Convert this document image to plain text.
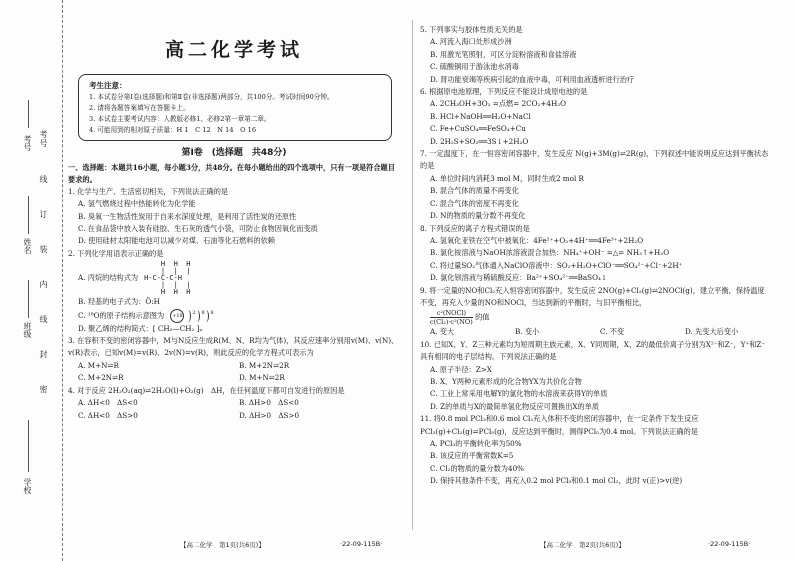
考号
线
订
装
内
线
封
密
考号
姓名
班级
学校
高二化学考试
考生注意：
1. 本试卷分第Ⅰ卷(选择题)和第Ⅱ卷(非选择题)两部分，共100分。考试时间90分钟。
2. 请将各题答案填写在答题卡上。
3. 本试卷主要考试内容：人教版必修1、必修2第一章第二章。
4. 可能用到的相对原子质量：H 1　C 12　N 14　O 16
第Ⅰ卷　(选择题　共48分)
一、选择题：本题共16小题，每小题3分，共48分。在每小题给出的四个选项中，只有一项是符合题目要求的。
1. 化学与生产、生活密切相关，下列说法正确的是
A. 氢气燃烧过程中热能转化为化学能
B. 臭氧一生物活性炭用于自来水深度处理，是利用了活性炭的还原性
C. 在食品袋中放入装有硅胶、生石灰的透气小袋，可防止食物因氧化而变质
D. 使用硅材太阳能电池可以减少对煤、石油等化石燃料的依赖
2. 下列化学用语表示正确的是
A. 丙烷的结构式为
H  H  H
|  |  |
H-C-C-C-H
|  |  |
H  H  H
B. 羟基的电子式为：Ö:H
C. ¹⁸O的原子结构示意图为 +18 2 8 8
D. 聚乙烯的结构简式：[ CH₂—CH₂ ]ₙ
3. 在容积不变的密闭容器中，M与N反应生成R(M、N、R均为气体)，其反应速率分别用v(M)、v(N)、v(R)表示，已知v(M)=v(R)、2v(N)=v(R)，则此反应的化学方程式可表示为
A. M+N⇌R	B. M+2N⇌2R
C. M+2N⇌R	D. M+N⇌2R
4. 对于反应 2H₂O₂(aq)⇌2H₂O(l)+O₂(g)　ΔH，在任何温度下都可自发进行的原因是
A. ΔH<0　ΔS<0	B. ΔH>0　ΔS<0
C. ΔH<0　ΔS>0	D. ΔH>0　ΔS>0
5. 下列事实与胶体性质无关的是
A. 河流入海口处形成沙洲
B. 用激光笔照射，可区分淀粉溶液和食盐溶液
C. 硫酸铜用于游泳池水消毒
D. 肾功能衰竭等疾病引起的血液中毒，可利用血液透析进行治疗
6. 根据原电池原理，下列反应不能设计成原电池的是
A. 2CH₃OH+3O₂ =点燃= 2CO₂+4H₂O
B. HCl+NaOH══H₂O+NaCl
C. Fe+CuSO₄══FeSO₄+Cu
D. 2H₂S+SO₂══3S↓+2H₂O
7. 一定温度下，在一恒容密闭容器中，发生反应 N(g)+3M(g)⇌2R(g)，下列叙述中能说明反应达到平衡状态的是
A. 单位时间内消耗3 mol M，同时生成2 mol R
B. 混合气体的质量不再变化
C. 混合气体的密度不再变化
D. N的物质的量分数不再变化
8. 下列反应的离子方程式错误的是
A. 氢氧化亚铁在空气中被氧化：4Fe²⁺+O₂+4H⁺══4Fe³⁺+2H₂O
B. 氯化铵溶液与NaOH浓溶液混合加热：NH₄⁺+OH⁻ =△= NH₃↑+H₂O
C. 将过量SO₂气体通入NaClO溶液中：SO₂+H₂O+ClO⁻══SO₄²⁻+Cl⁻+2H⁺
D. 氯化钡溶液与稀硫酸反应：Ba²⁺+SO₄²⁻══BaSO₄↓
9. 将一定量的NO和Cl₂充入恒容密闭容器中，发生反应 2NO(g)+Cl₂(g)⇌2NOCl(g)，建立平衡，保持温度不变，再充入少量的NO和NOCl，当达到新的平衡时，与旧平衡相比，
$\frac{\text{c²(NOCl)}}{\text{c(Cl₂)·c²(NO)}}$ 的值
A. 变大	B. 变小	C. 不变	D. 先变大后变小
10. 已知X、Y、Z三种元素均为短周期主族元素，X、Y同周期，X、Z的最低价离子分别为X²⁻和Z⁻，Y⁺和Z⁻具有相同的电子层结构。下列说法正确的是
A. 原子半径：Z>X
B. X、Y两种元素形成的化合物YX为共价化合物
C. 工业上常采用电解Y的氯化物的水溶液来获得Y的单质
D. Z的单质与X的最简单氢化物反应可置换出X的单质
11. 将0.8 mol PCl₃和0.6 mol Cl₂充入体积不变的密闭容器中，在一定条件下发生反应 PCl₃(g)+Cl₂(g)⇌PCl₅(g)，反应达到平衡时，测得PCl₅为0.4 mol。下列说法正确的是
A. PCl₃的平衡转化率为50%
B. 该反应的平衡常数K=5
C. Cl₂的物质的量分数为40%
D. 保持其他条件不变，再充入0.2 mol PCl₃和0.1 mol Cl₂，此时 v(正)>v(逆)
【高二化学　第1页(共6页)】	·22-09-115B·	【高二化学　第2页(共6页)】	·22-09-115B·
